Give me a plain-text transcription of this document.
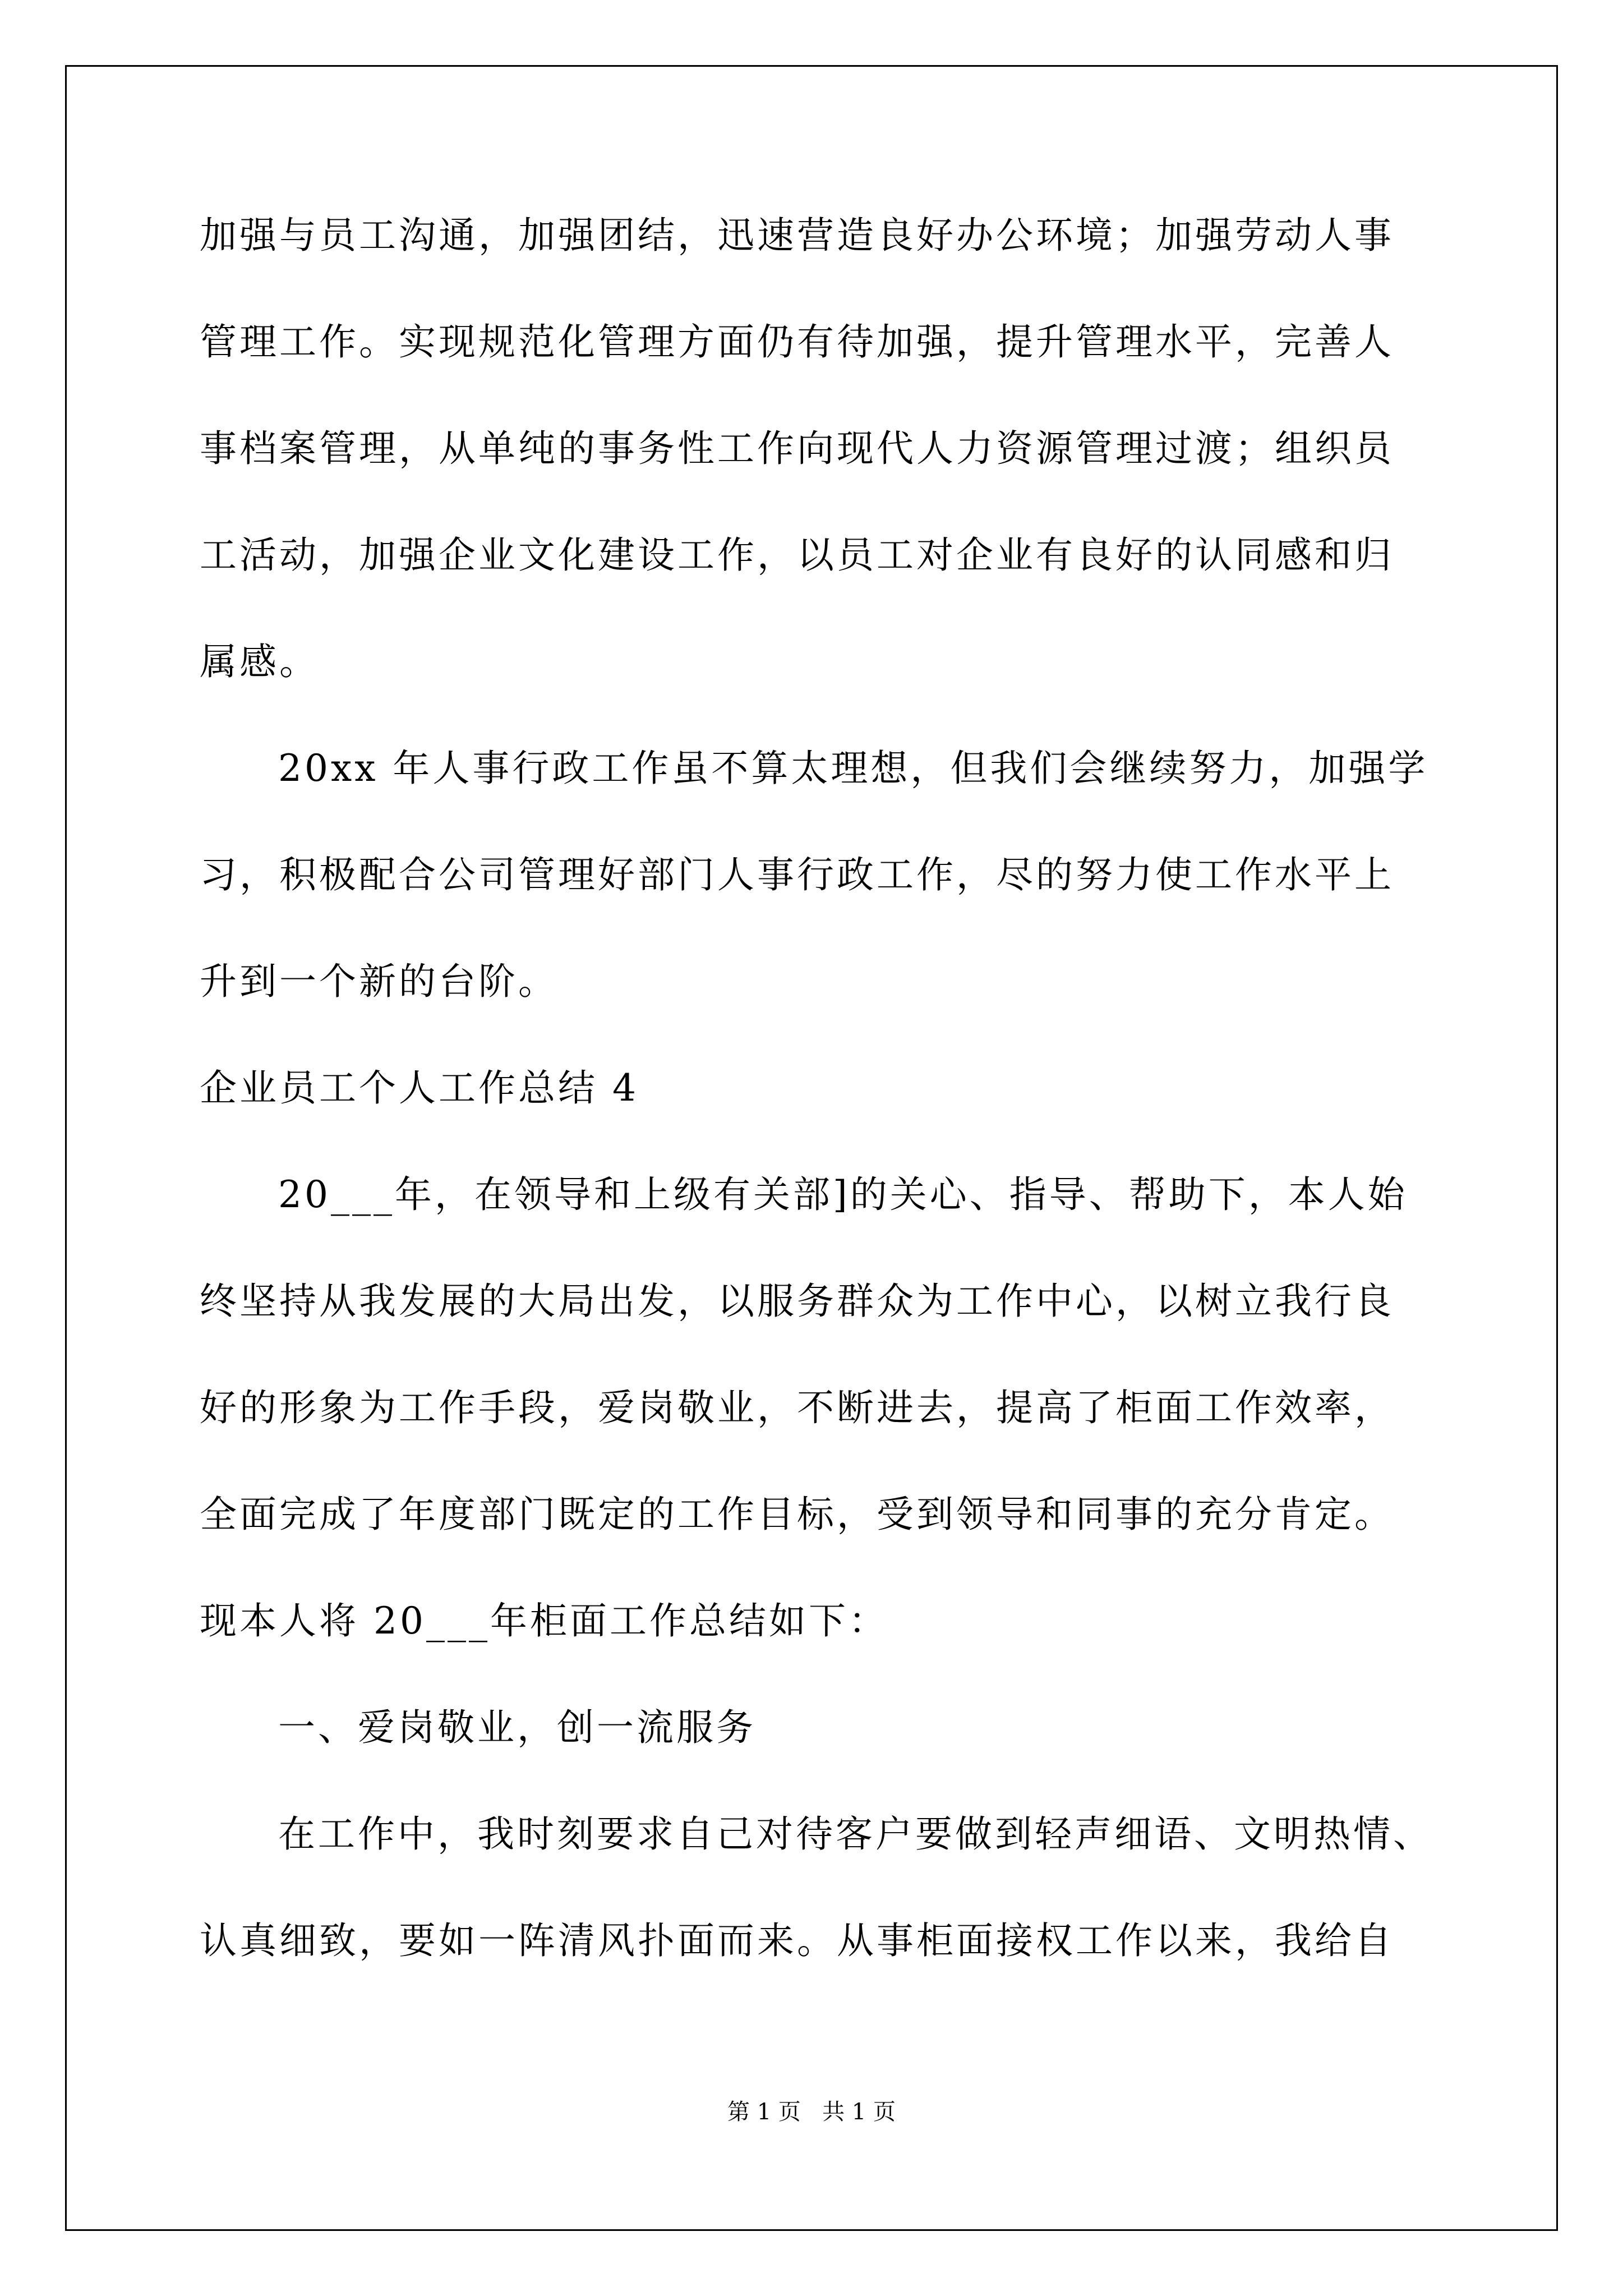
加强与员工沟通，加强团结，迅速营造良好办公环境；加强劳动人事
管理工作。实现规范化管理方面仍有待加强，提升管理水平，完善人
事档案管理，从单纯的事务性工作向现代人力资源管理过渡；组织员
工活动，加强企业文化建设工作，以员工对企业有良好的认同感和归
属感。
20xx 年人事行政工作虽不算太理想，但我们会继续努力，加强学
习，积极配合公司管理好部门人事行政工作，尽的努力使工作水平上
升到一个新的台阶。
企业员工个人工作总结 4
20___年，在领导和上级有关部]的关心、指导、帮助下，本人始
终坚持从我发展的大局出发，以服务群众为工作中心，以树立我行良
好的形象为工作手段，爱岗敬业，不断进去，提高了柜面工作效率，
全面完成了年度部门既定的工作目标，受到领导和同事的充分肯定。
现本人将 20___年柜面工作总结如下：
一、爱岗敬业，创一流服务
在工作中，我时刻要求自己对待客户要做到轻声细语、文明热情、
认真细致，要如一阵清风扑面而来。从事柜面接权工作以来，我给自
第 1 页   共 1 页
